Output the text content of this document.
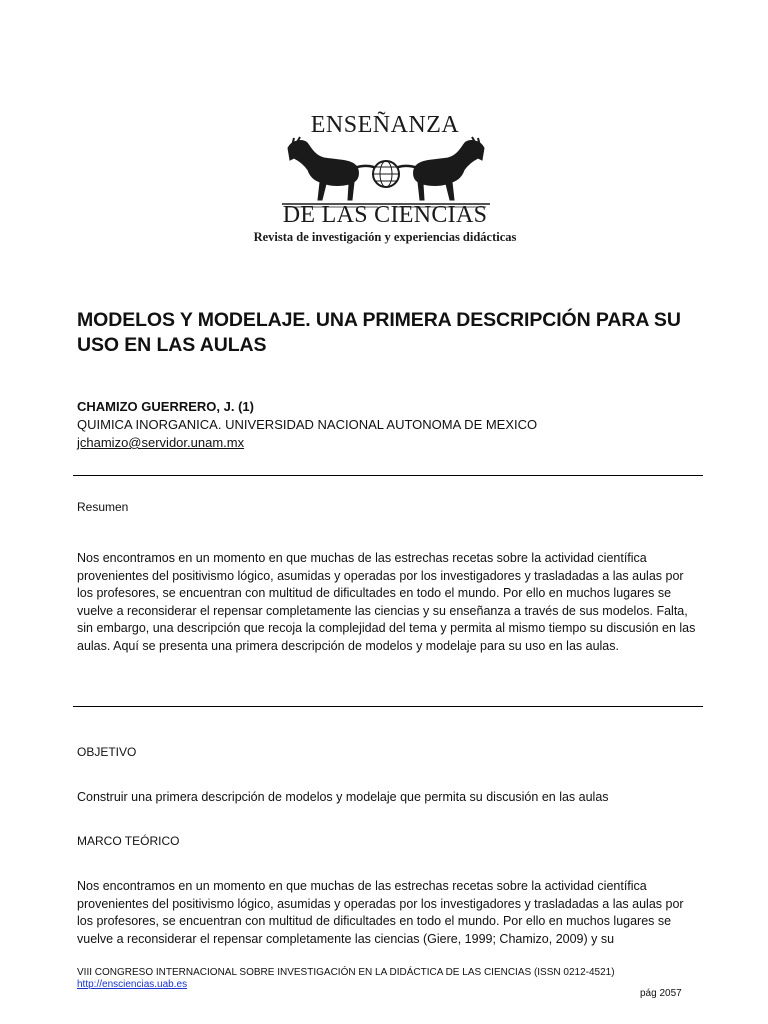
ENSEÑANZA
DE LAS CIENCIAS
Revista de investigación y experiencias didácticas
MODELOS Y MODELAJE. UNA PRIMERA DESCRIPCIÓN PARA SU USO EN LAS AULAS
CHAMIZO GUERRERO, J. (1)
QUIMICA INORGANICA. UNIVERSIDAD NACIONAL AUTONOMA DE MEXICO
jchamizo@servidor.unam.mx
Resumen

Nos encontramos en un momento en que muchas de las estrechas recetas sobre la actividad científica provenientes del positivismo lógico, asumidas y operadas por los investigadores y trasladadas a las aulas por los profesores, se encuentran con multitud de dificultades en todo el mundo. Por ello en muchos lugares se vuelve a reconsiderar el repensar completamente las ciencias y su enseñanza a través de sus modelos. Falta, sin embargo, una descripción que recoja la complejidad del tema y permita al mismo tiempo su discusión en las aulas. Aquí se presenta una primera descripción de modelos y modelaje para su uso en las aulas.

OBJETIVO

Construir una primera descripción de modelos y modelaje que permita su discusión en las aulas

MARCO TEÓRICO

Nos encontramos en un momento en que muchas de las estrechas recetas sobre la actividad científica provenientes del positivismo lógico, asumidas y operadas por los investigadores y trasladadas a las aulas por los profesores, se encuentran con multitud de dificultades en todo el mundo. Por ello en muchos lugares se vuelve a reconsiderar el repensar completamente las ciencias (Giere, 1999; Chamizo, 2009) y su

VIII CONGRESO INTERNACIONAL SOBRE INVESTIGACIÓN EN LA DIDÁCTICA DE LAS CIENCIAS (ISSN 0212-4521)
http://ensciencias.uab.es
pág 2057
